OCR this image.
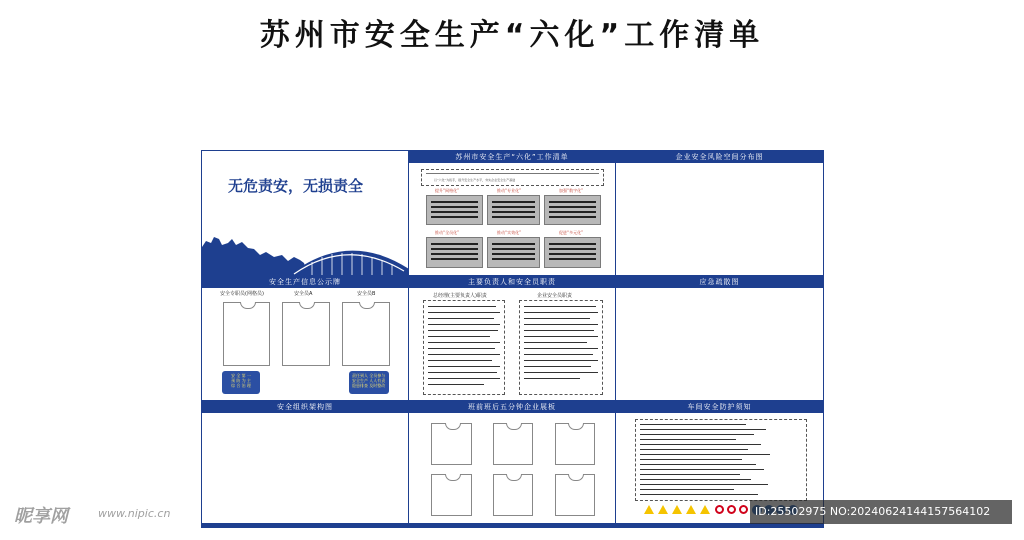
苏州市安全生产“六化”工作清单
无危责安，无损责全
苏州市安全生产“六化”工作清单
以“六化”为抓手，提升安全生产水平，夯实企业安全生产基础
提升“网格化”	推动“专业化”	加强“数字化”
推动“全员化”	推动“实效化”	促进“多元化”
企业安全风险空间分布图
安全生产信息公示牌
安全专职员(网格员)	安全员A	安全员B
安 全 第 一
预 防 为 主
综 合 治 理
责任到人 全员参与
安全生产 人人有责
隐患排查 及时整改
主要负责人和安全员职责
总经理(主要负责人)职责	企业安全员职责
应急疏散图
安全组织架构图	班前班后五分钟企业展板	车间安全防护须知
昵享网	www.nipic.cn	ID:25502975 NO:20240624144157564102
